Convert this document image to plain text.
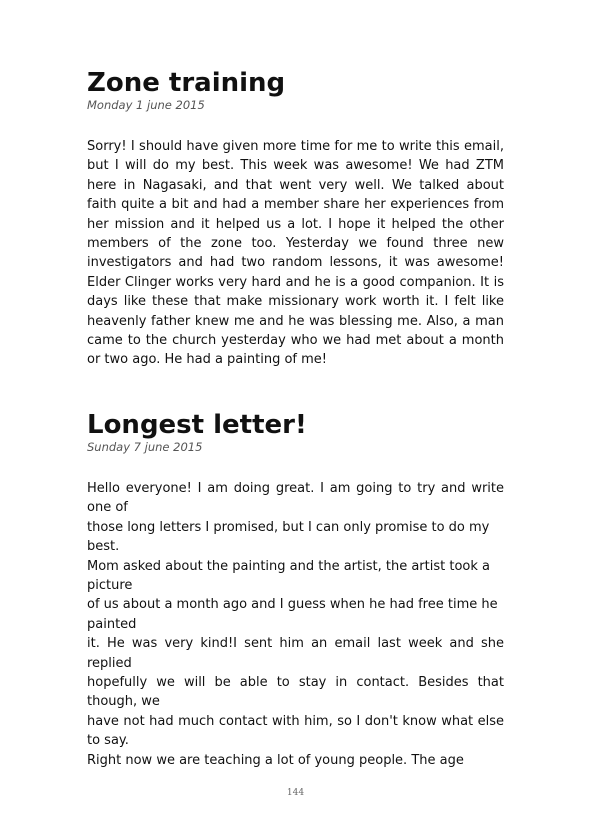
Zone training

Monday 1 june 2015

Sorry! I should have given more time for me to write this email, but I will do my best. This week was awesome! We had ZTM here in Nagasaki, and that went very well. We talked about faith quite a bit and had a member share her experiences from her mission and it helped us a lot. I hope it helped the other members of the zone too. Yesterday we found three new investigators and had two random lessons, it was awesome! Elder Clinger works very hard and he is a good companion. It is days like these that make missionary work worth it. I felt like heavenly father knew me and he was blessing me. Also, a man came to the church yesterday who we had met about a month or two ago. He had a painting of me!

Longest letter!

Sunday 7 june 2015

Hello everyone! I am doing great. I am going to try and write one of
those long letters I promised, but I can only promise to do my best.
Mom asked about the painting and the artist, the artist took a picture
of us about a month ago and I guess when he had free time he painted
it. He was very kind!I sent him an email last week and she replied
hopefully we will be able to stay in contact. Besides that though, we
have not had much contact with him, so I don't know what else to say.
Right now we are teaching a lot of young people. The age
144
